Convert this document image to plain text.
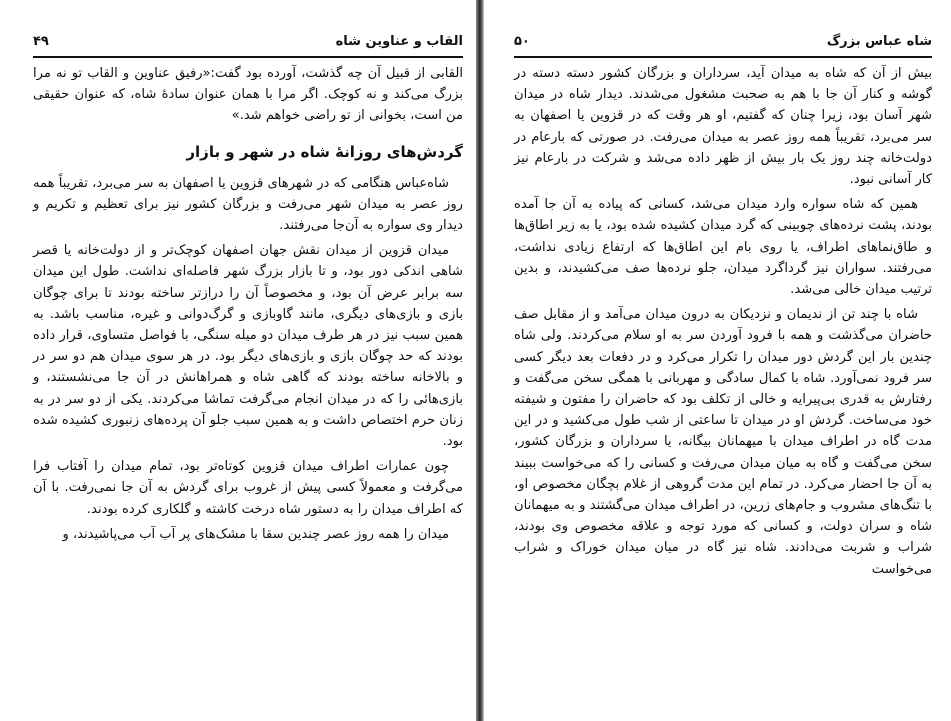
القاب و عناوین شاه
۴۹

القابی از قبیل آن چه گذشت، آورده بود گفت:«رفیق عناوین و القاب تو نه مرا بزرگ می‌کند و نه کوچک. اگر مرا با همان عنوان سادهٔ شاه، که عنوان حقیقی من است، بخوانی از تو راضی خواهم شد.»

گردش‌های روزانهٔ شاه در شهر و بازار

شاه‌عباس هنگامی که در شهرهای قزوین یا اصفهان به سر می‌برد، تقریباً همه روز عصر به میدان شهر می‌رفت و بزرگان کشور نیز برای تعظیم و تکریم و دیدار وی سواره به آن‌جا می‌رفتند.

میدان قزوین از میدان نقش جهان اصفهان کوچک‌تر و از دولت‌خانه یا قصر شاهی اندکی دور بود، و تا بازار بزرگ شهر فاصله‌ای نداشت. طول این میدان سه برابر عرض آن بود، و مخصوصاً آن را درازتر ساخته بودند تا برای چوگان بازی و بازی‌های دیگری، مانند گاوبازی و گرگ‌دوانی و غیره، مناسب باشد. به همین سبب نیز در هر طرف میدان دو میله سنگی، با فواصل متساوی، قرار داده بودند که حد چوگان بازی و بازی‌های دیگر بود. در هر سوی میدان هم دو سر در و بالاخانه ساخته بودند که گاهی شاه و همراهانش در آن جا می‌نشستند، و بازی‌هائی را که در میدان انجام می‌گرفت تماشا می‌کردند. یکی از دو سر در به زنان حرم اختصاص داشت و به همین سبب جلو آن پرده‌های زنبوری کشیده شده بود.

چون عمارات اطراف میدان قزوین کوتاه‌تر بود، تمام میدان را آفتاب فرا می‌گرفت و معمولاً کسی پیش از غروب برای گردش به آن جا نمی‌رفت. با آن که اطراف میدان را به دستور شاه درخت کاشته و گلکاری کرده بودند.

میدان را همه روز عصر چندین سقا با مشک‌های پر آب آب می‌پاشیدند، و

شاه عباس بزرگ
۵۰

بیش از آن که شاه به میدان آید، سرداران و بزرگان کشور دسته دسته در گوشه و کنار آن جا با هم به صحبت مشغول می‌شدند. دیدار شاه در میدان شهر آسان بود، زیرا چنان که گفتیم، او هر وقت که در قزوین یا اصفهان به سر می‌برد، تقریباً همه روز عصر به میدان می‌رفت. در صورتی که بارعام در دولت‌خانه چند روز یک بار بیش از ظهر داده می‌شد و شرکت در بارعام نیز کار آسانی نبود.

همین که شاه سواره وارد میدان می‌شد، کسانی که پیاده به آن جا آمده بودند، پشت نرده‌های چوبینی که گرد میدان کشیده شده بود، یا به زیر اطاق‌ها و طاق‌نماهای اطراف، یا روی بام این اطاق‌ها که ارتفاع زیادی نداشت، می‌رفتند. سواران نیز گرداگرد میدان، جلو نرده‌ها صف می‌کشیدند، و بدین ترتیب میدان خالی می‌شد.

شاه با چند تن از ندیمان و نزدیکان به درون میدان می‌آمد و از مقابل صف حاضران می‌گذشت و همه با فرود آوردن سر به او سلام می‌کردند. ولی شاه چندین بار این گردش دور میدان را تکرار می‌کرد و در دفعات بعد دیگر کسی سر فرود نمی‌آورد. شاه با کمال سادگی و مهربانی با همگی سخن می‌گفت و رفتارش به قدری بی‌پیرایه و خالی از تکلف بود که حاضران را مفتون و شیفته خود می‌ساخت. گردش او در میدان تا ساعتی از شب طول می‌کشید و در این مدت گاه در اطراف میدان با میهمانان بیگانه، یا سرداران و بزرگان کشور، سخن می‌گفت و گاه به میان میدان می‌رفت و کسانی را که می‌خواست ببیند به آن جا احضار می‌کرد. در تمام این مدت گروهی از غلام بچگان مخصوص او، با تنگ‌های مشروب و جام‌های زرین، در اطراف میدان می‌گشتند و به میهمانان شاه و سران دولت، و کسانی که مورد توجه و علاقه مخصوص وی بودند، شراب و شربت می‌دادند. شاه نیز گاه در میان میدان خوراک و شراب می‌خواست
